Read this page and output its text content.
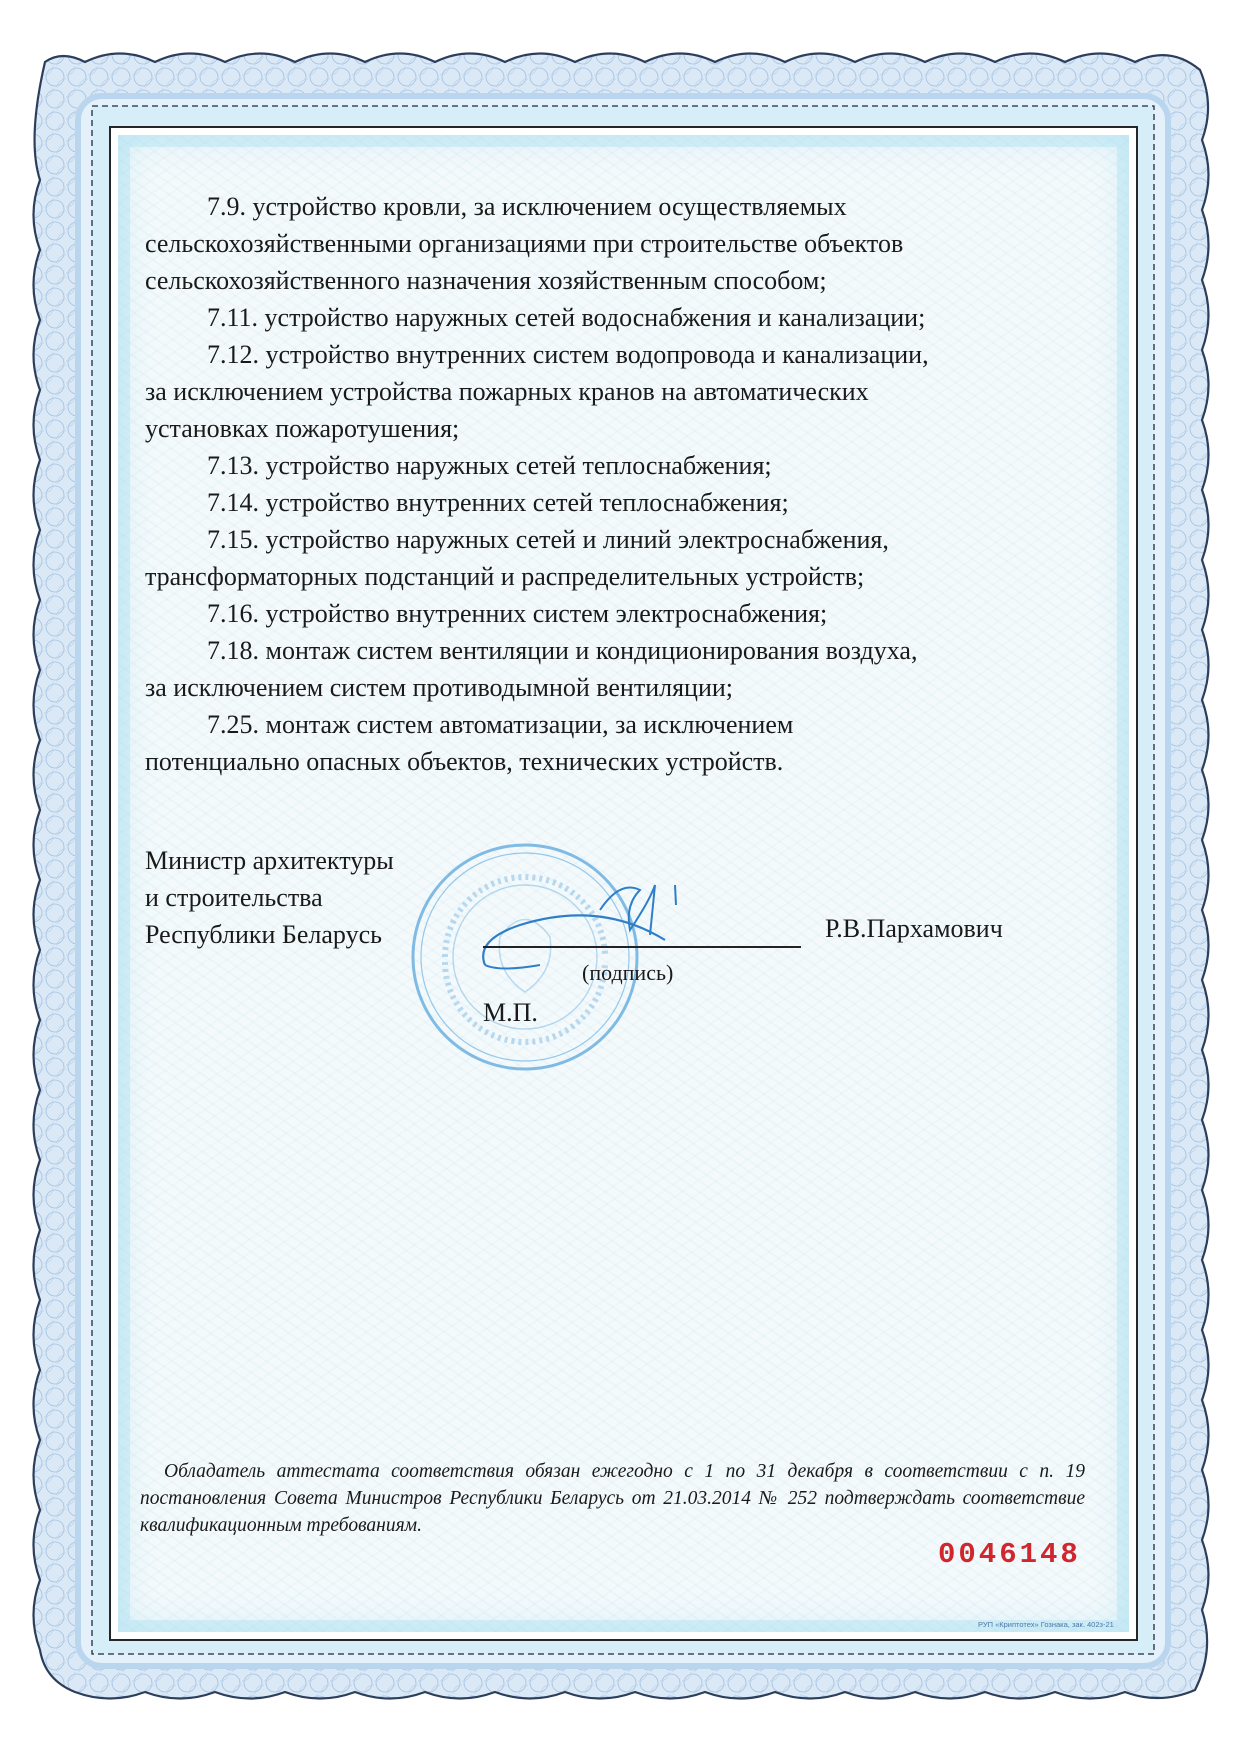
7.9. устройство кровли, за исключением осуществляемых
сельскохозяйственными организациями при строительстве объектов
сельскохозяйственного назначения хозяйственным способом;

7.11. устройство наружных сетей водоснабжения и канализации;

7.12. устройство внутренних систем водопровода и канализации,
за исключением устройства пожарных кранов на автоматических
установках пожаротушения;

7.13. устройство наружных сетей теплоснабжения;

7.14. устройство внутренних сетей теплоснабжения;

7.15. устройство наружных сетей и линий электроснабжения,
трансформаторных подстанций и распределительных устройств;

7.16. устройство внутренних систем электроснабжения;

7.18. монтаж систем вентиляции и кондиционирования воздуха,
за исключением систем противодымной вентиляции;

7.25. монтаж систем автоматизации, за исключением
потенциально опасных объектов, технических устройств.

Министр архитектуры

и строительства

Республики Беларусь

(подпись)
М.П.
Р.В.Пархамович

Обладатель аттестата соответствия обязан ежегодно с 1 по 31 декабря в соответствии с п. 19 постановления Совета Министров Республики Беларусь от 21.03.2014 № 252 подтверждать соответствие квалификационным требованиям.

0046148
РУП «Криптотех» Гознака, зак. 402з-21
